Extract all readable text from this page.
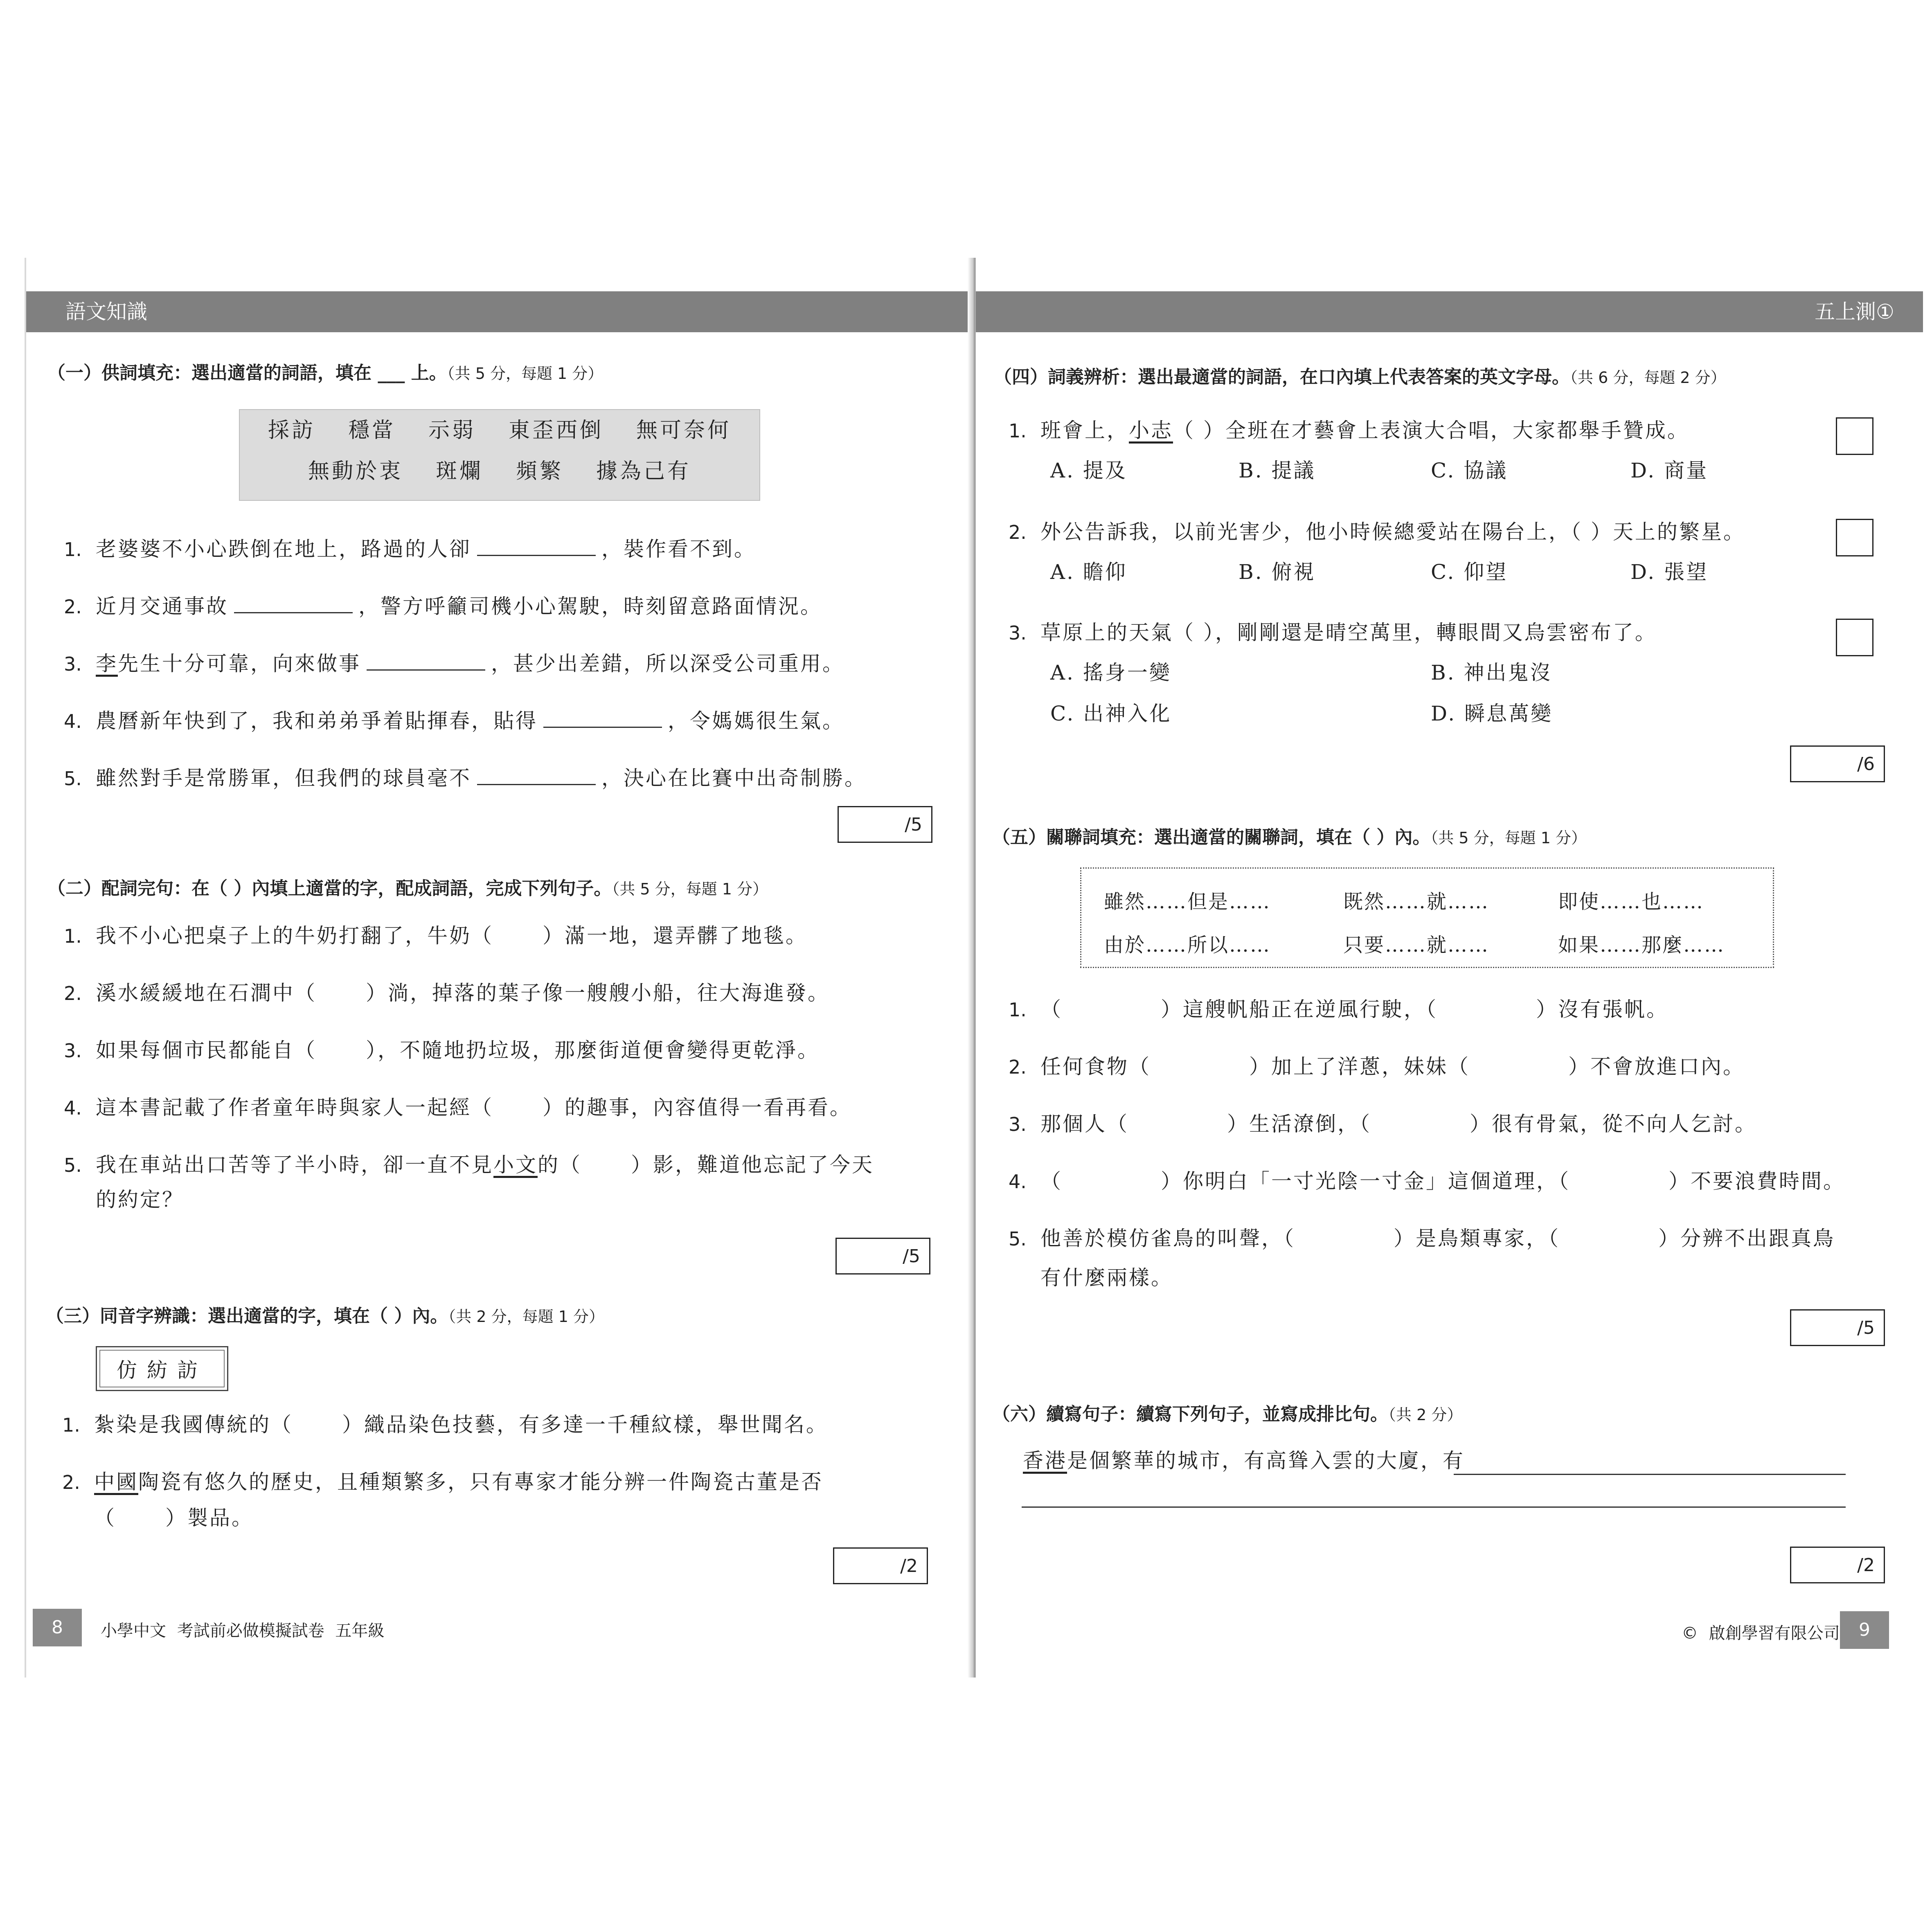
語文知識
（一）供詞填充：選出適當的詞語，填在 ___ 上。（共 5 分，每題 1 分）
採訪 穩當 示弱 東歪西倒 無可奈何
無動於衷 斑爛 頻繁 據為己有
1. 老婆婆不小心跌倒在地上，路過的人卻	，裝作看不到。
2. 近月交通事故	，警方呼籲司機小心駕駛，時刻留意路面情況。
3. 李先生十分可靠，向來做事	，甚少出差錯，所以深受公司重用。
4. 農曆新年快到了，我和弟弟爭着貼揮春，貼得	，令媽媽很生氣。
5. 雖然對手是常勝軍，但我們的球員毫不	，決心在比賽中出奇制勝。
/5
（二）配詞完句：在（ ）內填上適當的字，配成詞語，完成下列句子。（共 5 分，每題 1 分）
1. 我不小心把桌子上的牛奶打翻了，牛奶（ ）滿一地，還弄髒了地毯。
2. 溪水緩緩地在石澗中（ ）淌，掉落的葉子像一艘艘小船，往大海進發。
3. 如果每個市民都能自（ ），不隨地扔垃圾，那麼街道便會變得更乾淨。
4. 這本書記載了作者童年時與家人一起經（ ）的趣事，內容值得一看再看。
5. 我在車站出口苦等了半小時，卻一直不見小文的（ ）影，難道他忘記了今天
的約定？
/5
（三）同音字辨識：選出適當的字，填在（ ）內。（共 2 分，每題 1 分）
仿紡訪
1. 紮染是我國傳統的（ ）織品染色技藝，有多達一千種紋樣，舉世聞名。
2. 中國陶瓷有悠久的歷史，且種類繁多，只有專家才能分辨一件陶瓷古董是否
（ ）製品。
/2
8	小學中文 考試前必做模擬試卷 五年級
五上測①
（四）詞義辨析：選出最適當的詞語，在口內填上代表答案的英文字母。（共 6 分，每題 2 分）
1. 班會上，小志（ ）全班在才藝會上表演大合唱，大家都舉手贊成。
A. 提及	B. 提議	C. 協議	D. 商量
2. 外公告訴我，以前光害少，他小時候總愛站在陽台上，（ ）天上的繁星。
A. 瞻仰	B. 俯視	C. 仰望	D. 張望
3. 草原上的天氣（ ），剛剛還是晴空萬里，轉眼間又烏雲密布了。
A. 搖身一變	B. 神出鬼沒
C. 出神入化	D. 瞬息萬變
/6
（五）關聯詞填充：選出適當的關聯詞，填在（ ）內。（共 5 分，每題 1 分）
雖然……但是……	既然……就……	即使……也……
由於……所以……	只要……就……	如果……那麼……
1. （	）這艘帆船正在逆風行駛，（	）沒有張帆。
2. 任何食物（	）加上了洋蔥，妹妹（	）不會放進口內。
3. 那個人（	）生活潦倒，（	）很有骨氣，從不向人乞討。
4. （	）你明白「一寸光陰一寸金」這個道理，（	）不要浪費時間。
5. 他善於模仿雀鳥的叫聲，（	）是鳥類專家，（	）分辨不出跟真鳥
有什麼兩樣。
/5
（六）續寫句子：續寫下列句子，並寫成排比句。（共 2 分）
香港是個繁華的城市，有高聳入雲的大廈，有
/2
© 啟創學習有限公司	9
